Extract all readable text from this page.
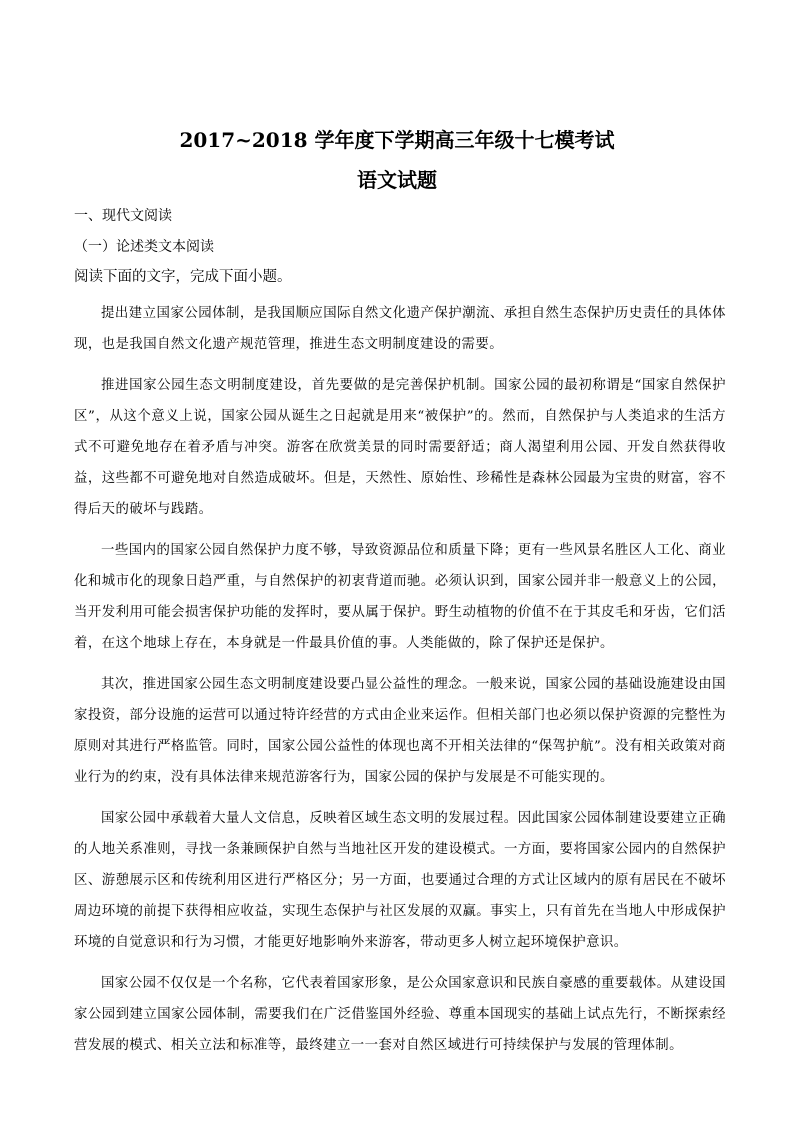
2017~2018 学年度下学期高三年级十七模考试
语文试题
一、现代文阅读
（一）论述类文本阅读
阅读下面的文字，完成下面小题。

提出建立国家公园体制，是我国顺应国际自然文化遗产保护潮流、承担自然生态保护历史责任的具体体现，也是我国自然文化遗产规范管理，推进生态文明制度建设的需要。

推进国家公园生态文明制度建设，首先要做的是完善保护机制。国家公园的最初称谓是“国家自然保护区”，从这个意义上说，国家公园从诞生之日起就是用来“被保护”的。然而，自然保护与人类追求的生活方式不可避免地存在着矛盾与冲突。游客在欣赏美景的同时需要舒适；商人渴望利用公园、开发自然获得收益，这些都不可避免地对自然造成破坏。但是，天然性、原始性、珍稀性是森林公园最为宝贵的财富，容不得后天的破坏与践踏。

一些国内的国家公园自然保护力度不够，导致资源品位和质量下降；更有一些风景名胜区人工化、商业化和城市化的现象日趋严重，与自然保护的初衷背道而驰。必须认识到，国家公园并非一般意义上的公园，当开发利用可能会损害保护功能的发挥时，要从属于保护。野生动植物的价值不在于其皮毛和牙齿，它们活着，在这个地球上存在，本身就是一件最具价值的事。人类能做的，除了保护还是保护。

其次，推进国家公园生态文明制度建设要凸显公益性的理念。一般来说，国家公园的基础设施建设由国家投资，部分设施的运营可以通过特许经营的方式由企业来运作。但相关部门也必须以保护资源的完整性为原则对其进行严格监管。同时，国家公园公益性的体现也离不开相关法律的“保驾护航”。没有相关政策对商业行为的约束，没有具体法律来规范游客行为，国家公园的保护与发展是不可能实现的。

国家公园中承载着大量人文信息，反映着区域生态文明的发展过程。因此国家公园体制建设要建立正确的人地关系准则，寻找一条兼顾保护自然与当地社区开发的建设模式。一方面，要将国家公园内的自然保护区、游憩展示区和传统利用区进行严格区分；另一方面，也要通过合理的方式让区域内的原有居民在不破坏周边环境的前提下获得相应收益，实现生态保护与社区发展的双赢。事实上，只有首先在当地人中形成保护环境的自觉意识和行为习惯，才能更好地影响外来游客，带动更多人树立起环境保护意识。

国家公园不仅仅是一个名称，它代表着国家形象，是公众国家意识和民族自豪感的重要载体。从建设国家公园到建立国家公园体制，需要我们在广泛借鉴国外经验、尊重本国现实的基础上试点先行，不断探索经营发展的模式、相关立法和标准等，最终建立一一套对自然区域进行可持续保护与发展的管理体制。
